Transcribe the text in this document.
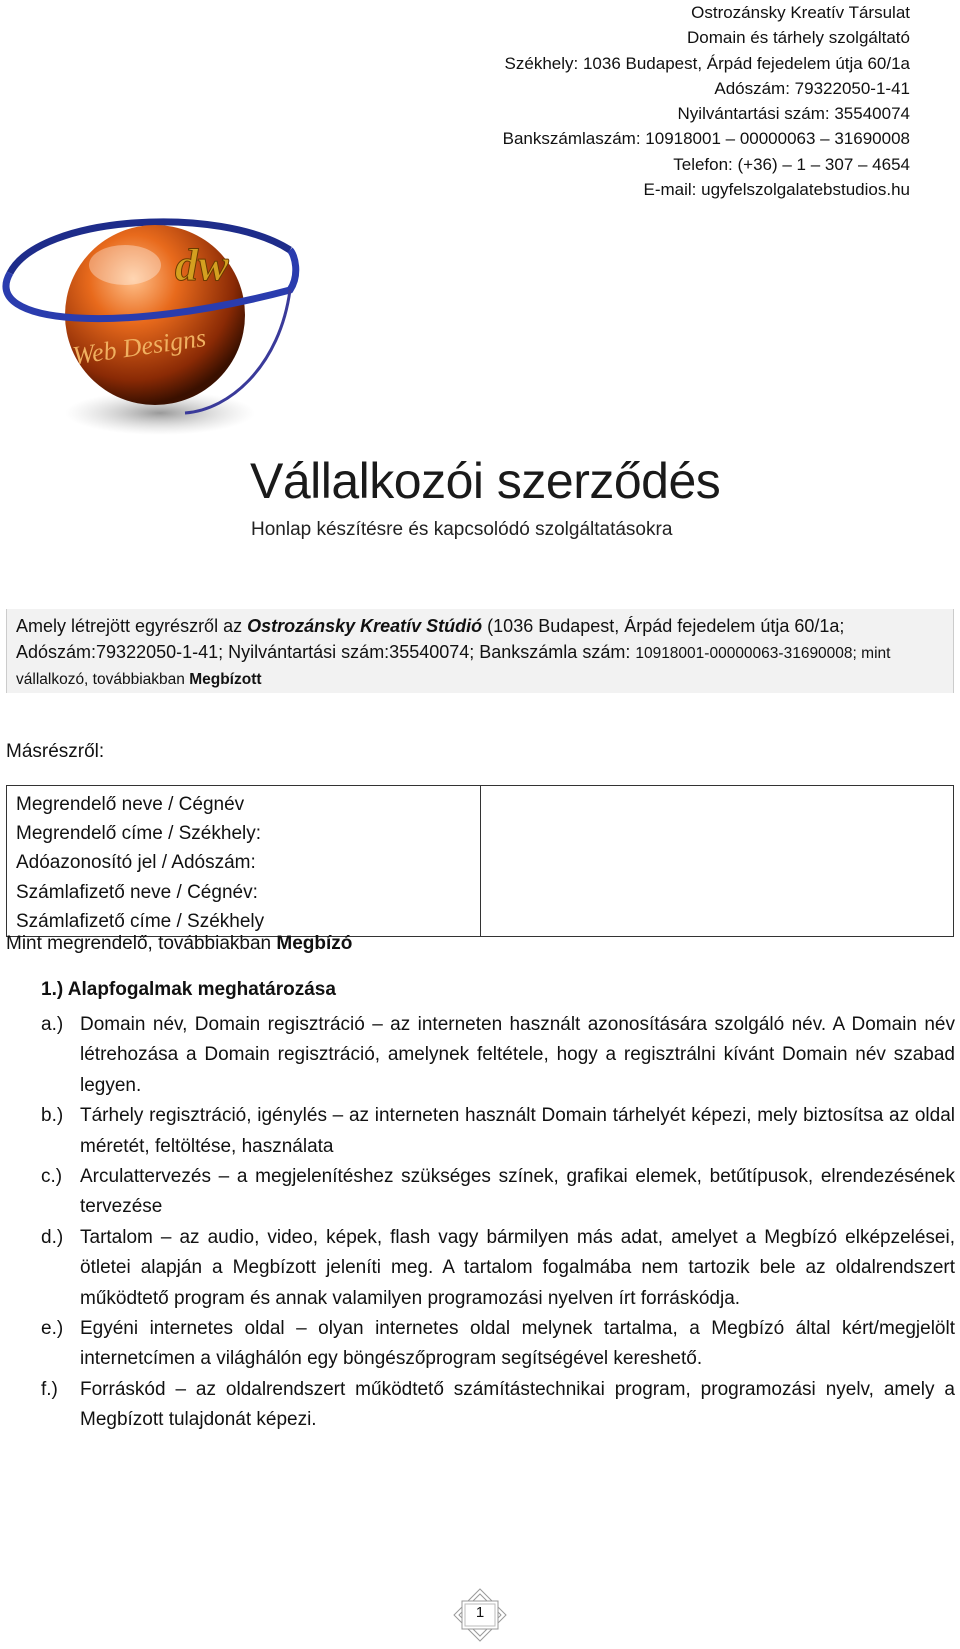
Ostrozánsky Kreatív Társulat
Domain és tárhely szolgáltató
Székhely: 1036 Budapest, Árpád fejedelem útja 60/1a
Adószám: 79322050-1-41
Nyilvántartási szám: 35540074
Bankszámlaszám: 10918001 – 00000063 – 31690008
Telefon: (+36) – 1 – 307 – 4654
E-mail: ugyfelszolgalatebstudios.hu
dw
Web Designs
Vállalkozói szerződés
Honlap készítésre és kapcsolódó szolgáltatásokra

Amely létrejött egyrészről az Ostrozánsky Kreatív Stúdió (1036 Budapest, Árpád fejedelem útja 60/1a; Adószám:79322050-1-41; Nyilvántartási szám:35540074; Bankszámla szám: 10918001-00000063-31690008; mint vállalkozó, továbbiakban Megbízott

Másrészről:
Megrendelő neve / Cégnév
Megrendelő címe / Székhely:
Adóazonosító jel / Adószám:
Számlafizető neve / Cégnév:
Számlafizető címe / Székhely

Mint megrendelő, továbbiakban Megbízó
1.) Alapfogalmak meghatározása
a.) Domain név, Domain regisztráció – az interneten használt azonosítására szolgáló név. A Domain név létrehozása a Domain regisztráció, amelynek feltétele, hogy a regisztrálni kívánt Domain név szabad legyen.
b.) Tárhely regisztráció, igénylés – az interneten használt Domain tárhelyét képezi, mely biztosítsa az oldal méretét, feltöltése, használata
c.) Arculattervezés – a megjelenítéshez szükséges színek, grafikai elemek, betűtípusok, elrendezésének tervezése
d.) Tartalom – az audio, video, képek, flash vagy bármilyen más adat, amelyet a Megbízó elképzelései, ötletei alapján a Megbízott jeleníti meg. A tartalom fogalmába nem tartozik bele az oldalrendszert működtető program és annak valamilyen programozási nyelven írt forráskódja.
e.) Egyéni internetes oldal – olyan internetes oldal melynek tartalma, a Megbízó által kért/megjelölt internetcímen a világhálón egy böngészőprogram segítségével kereshető.
f.)	Forráskód – az oldalrendszert működtető számítástechnikai program, programozási nyelv, amely a Megbízott tulajdonát képezi.
1
